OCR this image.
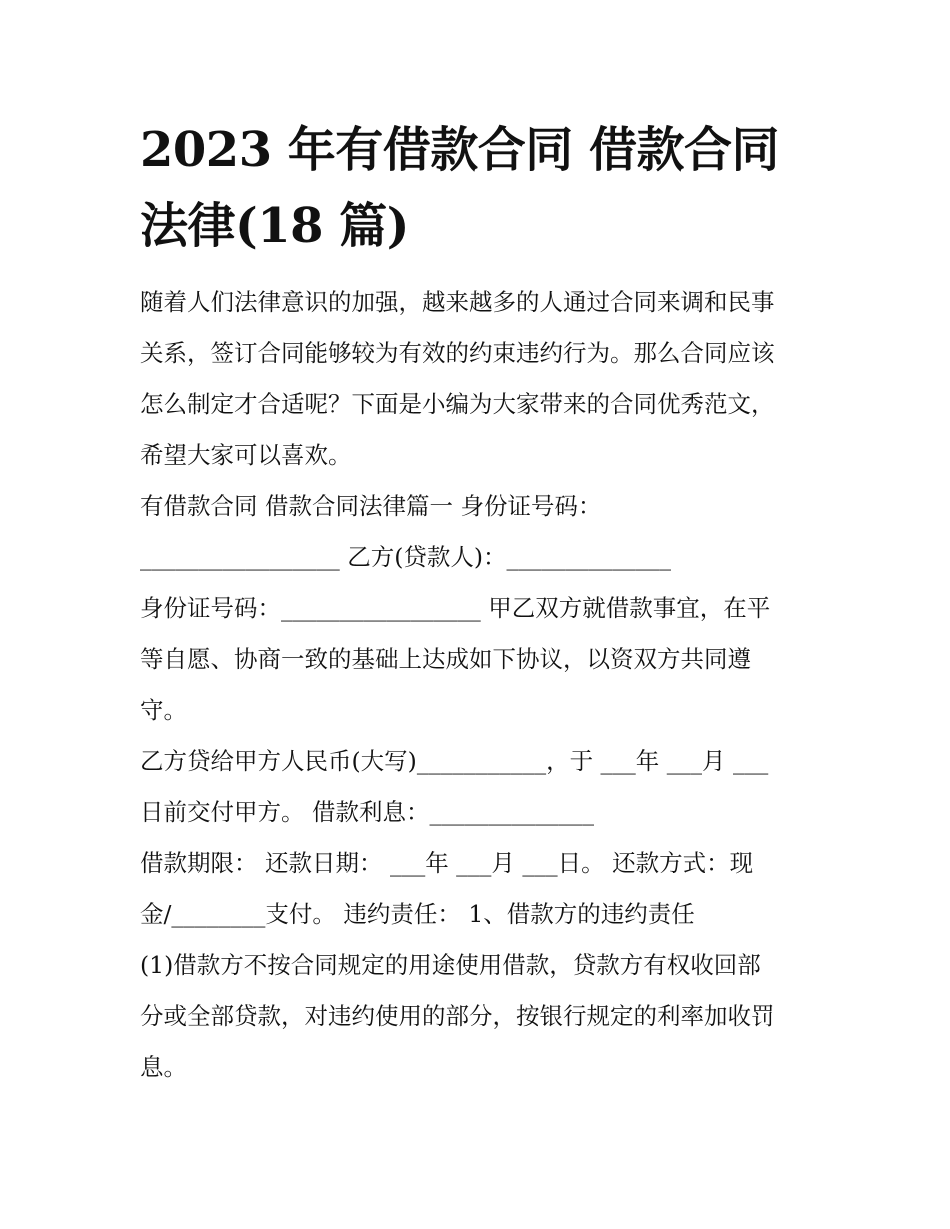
2023 年有借款合同 借款合同
法律(18 篇)
随着人们法律意识的加强，越来越多的人通过合同来调和民事
关系，签订合同能够较为有效的约束违约行为。那么合同应该
怎么制定才合适呢？下面是小编为大家带来的合同优秀范文，
希望大家可以喜欢。
有借款合同 借款合同法律篇一 身份证号码：
_________________ 乙方(贷款人)：______________
身份证号码：_________________ 甲乙双方就借款事宜，在平
等自愿、协商一致的基础上达成如下协议，以资双方共同遵
守。
乙方贷给甲方人民币(大写)___________，于 ___年 ___月 ___
日前交付甲方。 借款利息：______________
借款期限： 还款日期： ___年 ___月 ___日。 还款方式：现
金/________支付。 违约责任： 1、借款方的违约责任
(1)借款方不按合同规定的用途使用借款，贷款方有权收回部
分或全部贷款，对违约使用的部分，按银行规定的利率加收罚
息。
